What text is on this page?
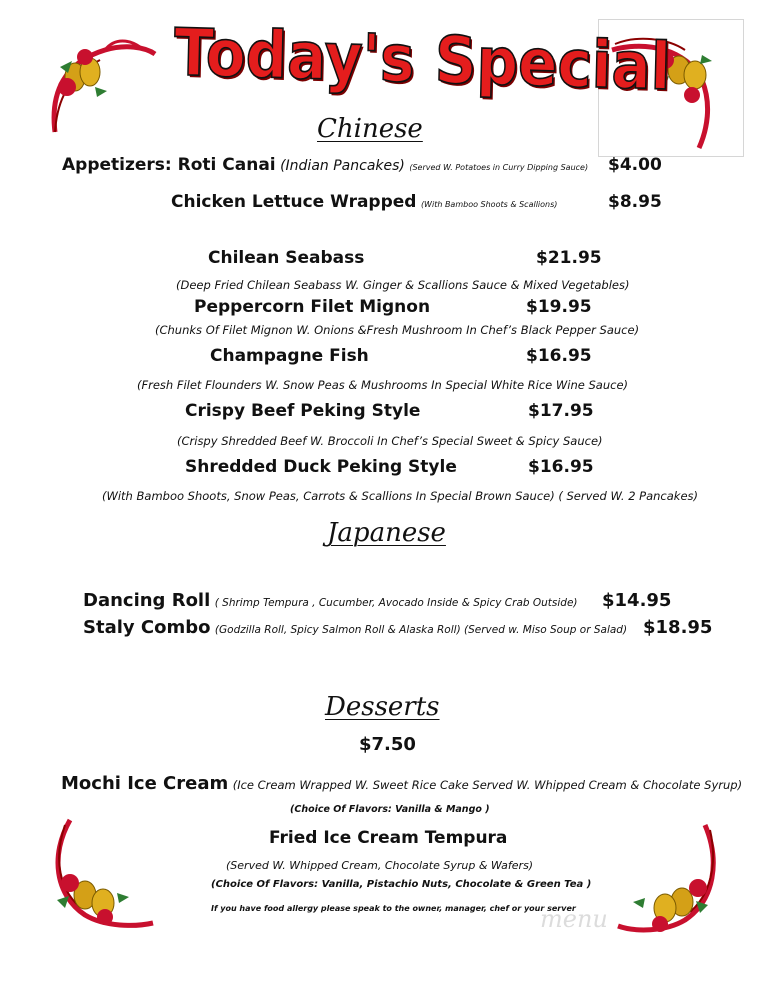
menu
Today's Special
Chinese
Appetizers: Roti Canai (Indian Pancakes) (Served W. Potatoes in Curry Dipping Sauce) $4.00
Chicken Lettuce Wrapped (With Bamboo Shoots & Scallions)	$8.95
Chilean Seabass	$21.95
(Deep Fried Chilean Seabass W. Ginger & Scallions Sauce & Mixed Vegetables)
Peppercorn Filet Mignon	$19.95
(Chunks Of Filet Mignon W. Onions &Fresh Mushroom In Chef’s Black Pepper Sauce)
Champagne Fish	$16.95
(Fresh Filet Flounders W. Snow Peas & Mushrooms In Special White Rice Wine Sauce)
Crispy Beef Peking Style	$17.95
(Crispy Shredded Beef W. Broccoli In Chef’s Special Sweet & Spicy Sauce)
Shredded Duck Peking Style	$16.95
(With Bamboo Shoots, Snow Peas, Carrots & Scallions In Special Brown Sauce) ( Served W. 2 Pancakes)
Japanese
Dancing Roll ( Shrimp Tempura , Cucumber, Avocado Inside & Spicy Crab Outside) $14.95
Staly Combo (Godzilla Roll, Spicy Salmon Roll & Alaska Roll) (Served w. Miso Soup or Salad) $18.95
Desserts
$7.50
Mochi Ice Cream (Ice Cream Wrapped W. Sweet Rice Cake Served W. Whipped Cream & Chocolate Syrup)
(Choice Of Flavors: Vanilla & Mango )
Fried Ice Cream Tempura
(Served W. Whipped Cream, Chocolate Syrup & Wafers)
(Choice Of Flavors: Vanilla, Pistachio Nuts, Chocolate & Green Tea )
If you have food allergy please speak to the owner, manager, chef or your server
